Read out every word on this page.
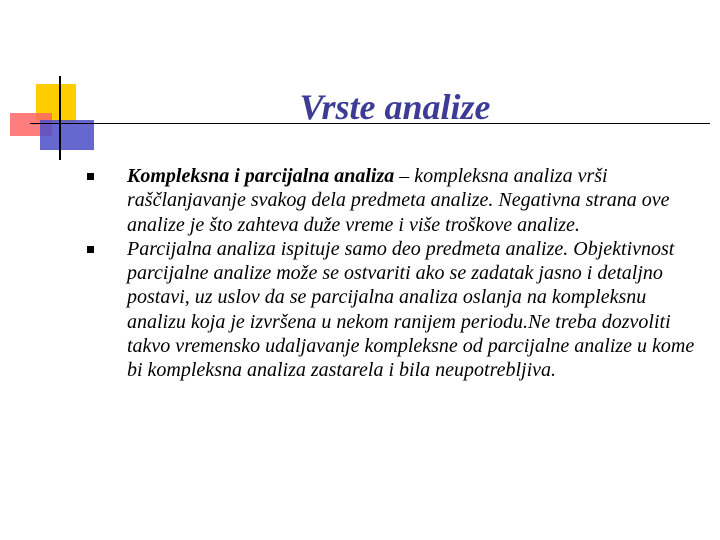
Vrste analize
Kompleksna i parcijalna analiza – kompleksna analiza vrši raščlanjavanje svakog dela predmeta analize. Negativna strana ove analize je što zahteva duže vreme i više troškove analize.
Parcijalna analiza ispituje samo deo predmeta analize. Objektivnost parcijalne analize može se ostvariti ako se zadatak jasno i detaljno postavi, uz uslov da se parcijalna analiza oslanja na kompleksnu analizu koja je izvršena u nekom ranijem periodu.Ne treba dozvoliti takvo vremensko udaljavanje kompleksne od parcijalne analize u kome bi kompleksna analiza zastarela i bila neupotrebljiva.
